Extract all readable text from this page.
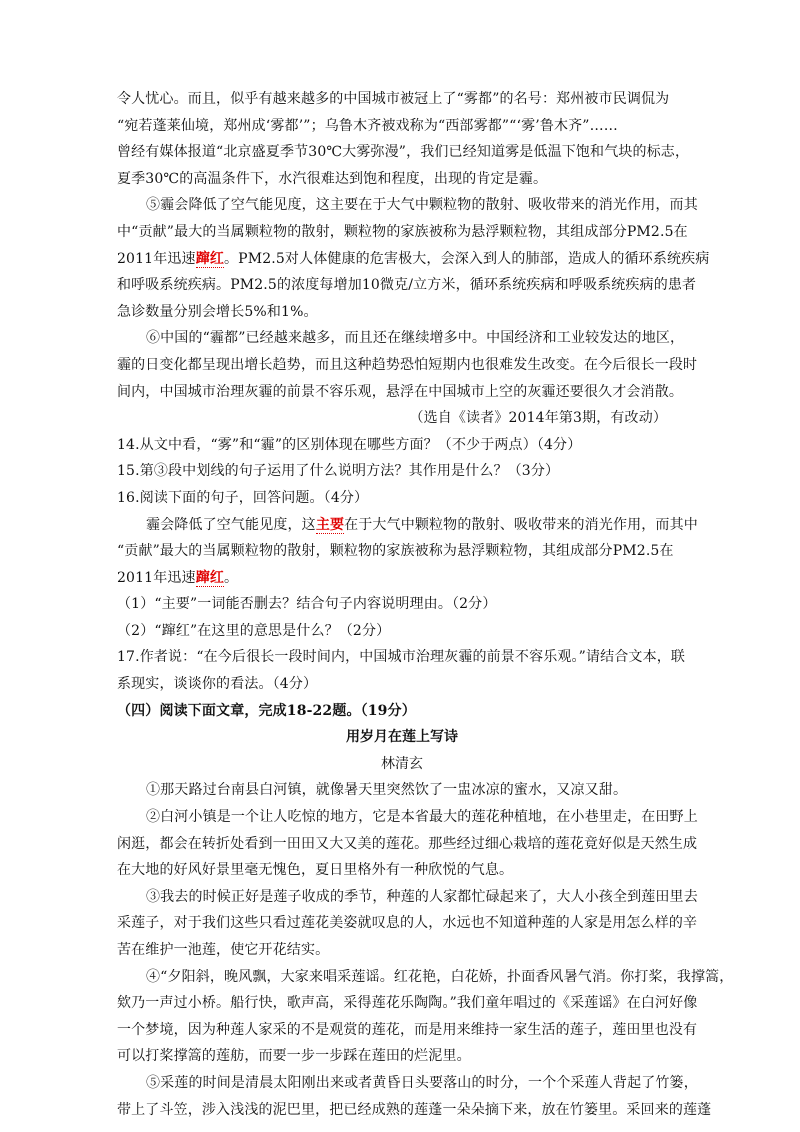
令人忧心。而且，似乎有越来越多的中国城市被冠上了“雾都”的名号：郑州被市民调侃为
“宛若蓬莱仙境，郑州成‘雾都’”；乌鲁木齐被戏称为“西部雾都”“‘雾’鲁木齐”……
曾经有媒体报道“北京盛夏季节30℃大雾弥漫”，我们已经知道雾是低温下饱和气块的标志，
夏季30℃的高温条件下，水汽很难达到饱和程度，出现的肯定是霾。
⑤霾会降低了空气能见度，这主要在于大气中颗粒物的散射、吸收带来的消光作用，而其
中“贡献”最大的当属颗粒物的散射，颗粒物的家族被称为悬浮颗粒物，其组成部分PM2.5在
2011年迅速蹿红。PM2.5对人体健康的危害极大，会深入到人的肺部，造成人的循环系统疾病
和呼吸系统疾病。PM2.5的浓度每增加10微克/立方米，循环系统疾病和呼吸系统疾病的患者
急诊数量分别会增长5%和1%。
⑥中国的“霾都”已经越来越多，而且还在继续增多中。中国经济和工业较发达的地区，
霾的日变化都呈现出增长趋势，而且这种趋势恐怕短期内也很难发生改变。在今后很长一段时
间内，中国城市治理灰霾的前景不容乐观，悬浮在中国城市上空的灰霾还要很久才会消散。
（选自《读者》2014年第3期，有改动）
14.从文中看，“雾”和“霾”的区别体现在哪些方面？（不少于两点）（4分）
15.第③段中划线的句子运用了什么说明方法？其作用是什么？（3分）
16.阅读下面的句子，回答问题。（4分）
霾会降低了空气能见度，这主要在于大气中颗粒物的散射、吸收带来的消光作用，而其中
“贡献”最大的当属颗粒物的散射，颗粒物的家族被称为悬浮颗粒物，其组成部分PM2.5在
2011年迅速蹿红。
（1）“主要”一词能否删去？结合句子内容说明理由。（2分）
（2）“蹿红”在这里的意思是什么？（2分）
17.作者说：“在今后很长一段时间内，中国城市治理灰霾的前景不容乐观。”请结合文本，联
系现实，谈谈你的看法。（4分）
（四）阅读下面文章，完成18-22题。（19分）
用岁月在莲上写诗
林清玄
①那天路过台南县白河镇，就像暑天里突然饮了一盅冰凉的蜜水，又凉又甜。
②白河小镇是一个让人吃惊的地方，它是本省最大的莲花种植地，在小巷里走，在田野上
闲逛，都会在转折处看到一田田又大又美的莲花。那些经过细心栽培的莲花竟好似是天然生成
在大地的好风好景里毫无愧色，夏日里格外有一种欣悦的气息。
③我去的时候正好是莲子收成的季节，种莲的人家都忙碌起来了，大人小孩全到莲田里去
采莲子，对于我们这些只看过莲花美姿就叹息的人，水远也不知道种莲的人家是用怎么样的辛
苦在维护一池莲，使它开花结实。
④“夕阳斜，晚风飘，大家来唱采莲谣。红花艳，白花娇，扑面香风暑气消。你打桨，我撑篙，
欸乃一声过小桥。船行快，歌声高，采得莲花乐陶陶。”我们童年唱过的《采莲谣》在白河好像
一个梦境，因为种莲人家采的不是观赏的莲花，而是用来维持一家生活的莲子，莲田里也没有
可以打桨撑篙的莲舫，而要一步一步踩在莲田的烂泥里。
⑤采莲的时间是清晨太阳刚出来或者黄昏日头要落山的时分，一个个采莲人背起了竹篓，
带上了斗笠，涉入浅浅的泥巴里，把已经成熟的莲蓬一朵朵摘下来，放在竹篓里。采回来的莲蓬
